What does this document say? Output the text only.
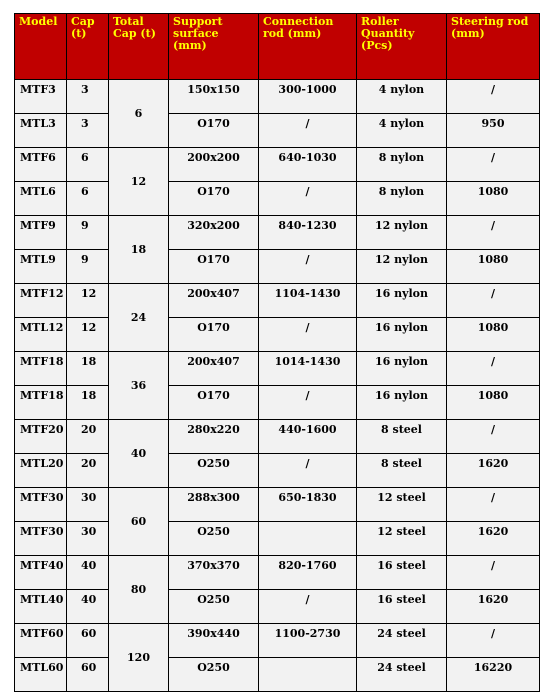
Model	Cap (t)	Total Cap (t)	Support surface (mm)	Connection rod (mm)	Roller Quantity (Pcs)	Steering rod (mm)
MTF3	3	6	150x150	300-1000	4 nylon	/
MTL3	3		O170	/	4 nylon	950
MTF6	6	12	200x200	640-1030	8 nylon	/
MTL6	6		O170	/	8 nylon	1080
MTF9	9	18	320x200	840-1230	12 nylon	/
MTL9	9		O170	/	12 nylon	1080
MTF12	12	24	200x407	1104-1430	16 nylon	/
MTL12	12		O170	/	16 nylon	1080
MTF18	18	36	200x407	1014-1430	16 nylon	/
MTF18	18		O170	/	16 nylon	1080
MTF20	20	40	280x220	440-1600	8 steel	/
MTL20	20		O250	/	8 steel	1620
MTF30	30	60	288x300	650-1830	12 steel	/
MTF30	30		O250		12 steel	1620
MTF40	40	80	370x370	820-1760	16 steel	/
MTL40	40		O250	/	16 steel	1620
MTF60	60	120	390x440	1100-2730	24 steel	/
MTL60	60		O250		24 steel	16220
